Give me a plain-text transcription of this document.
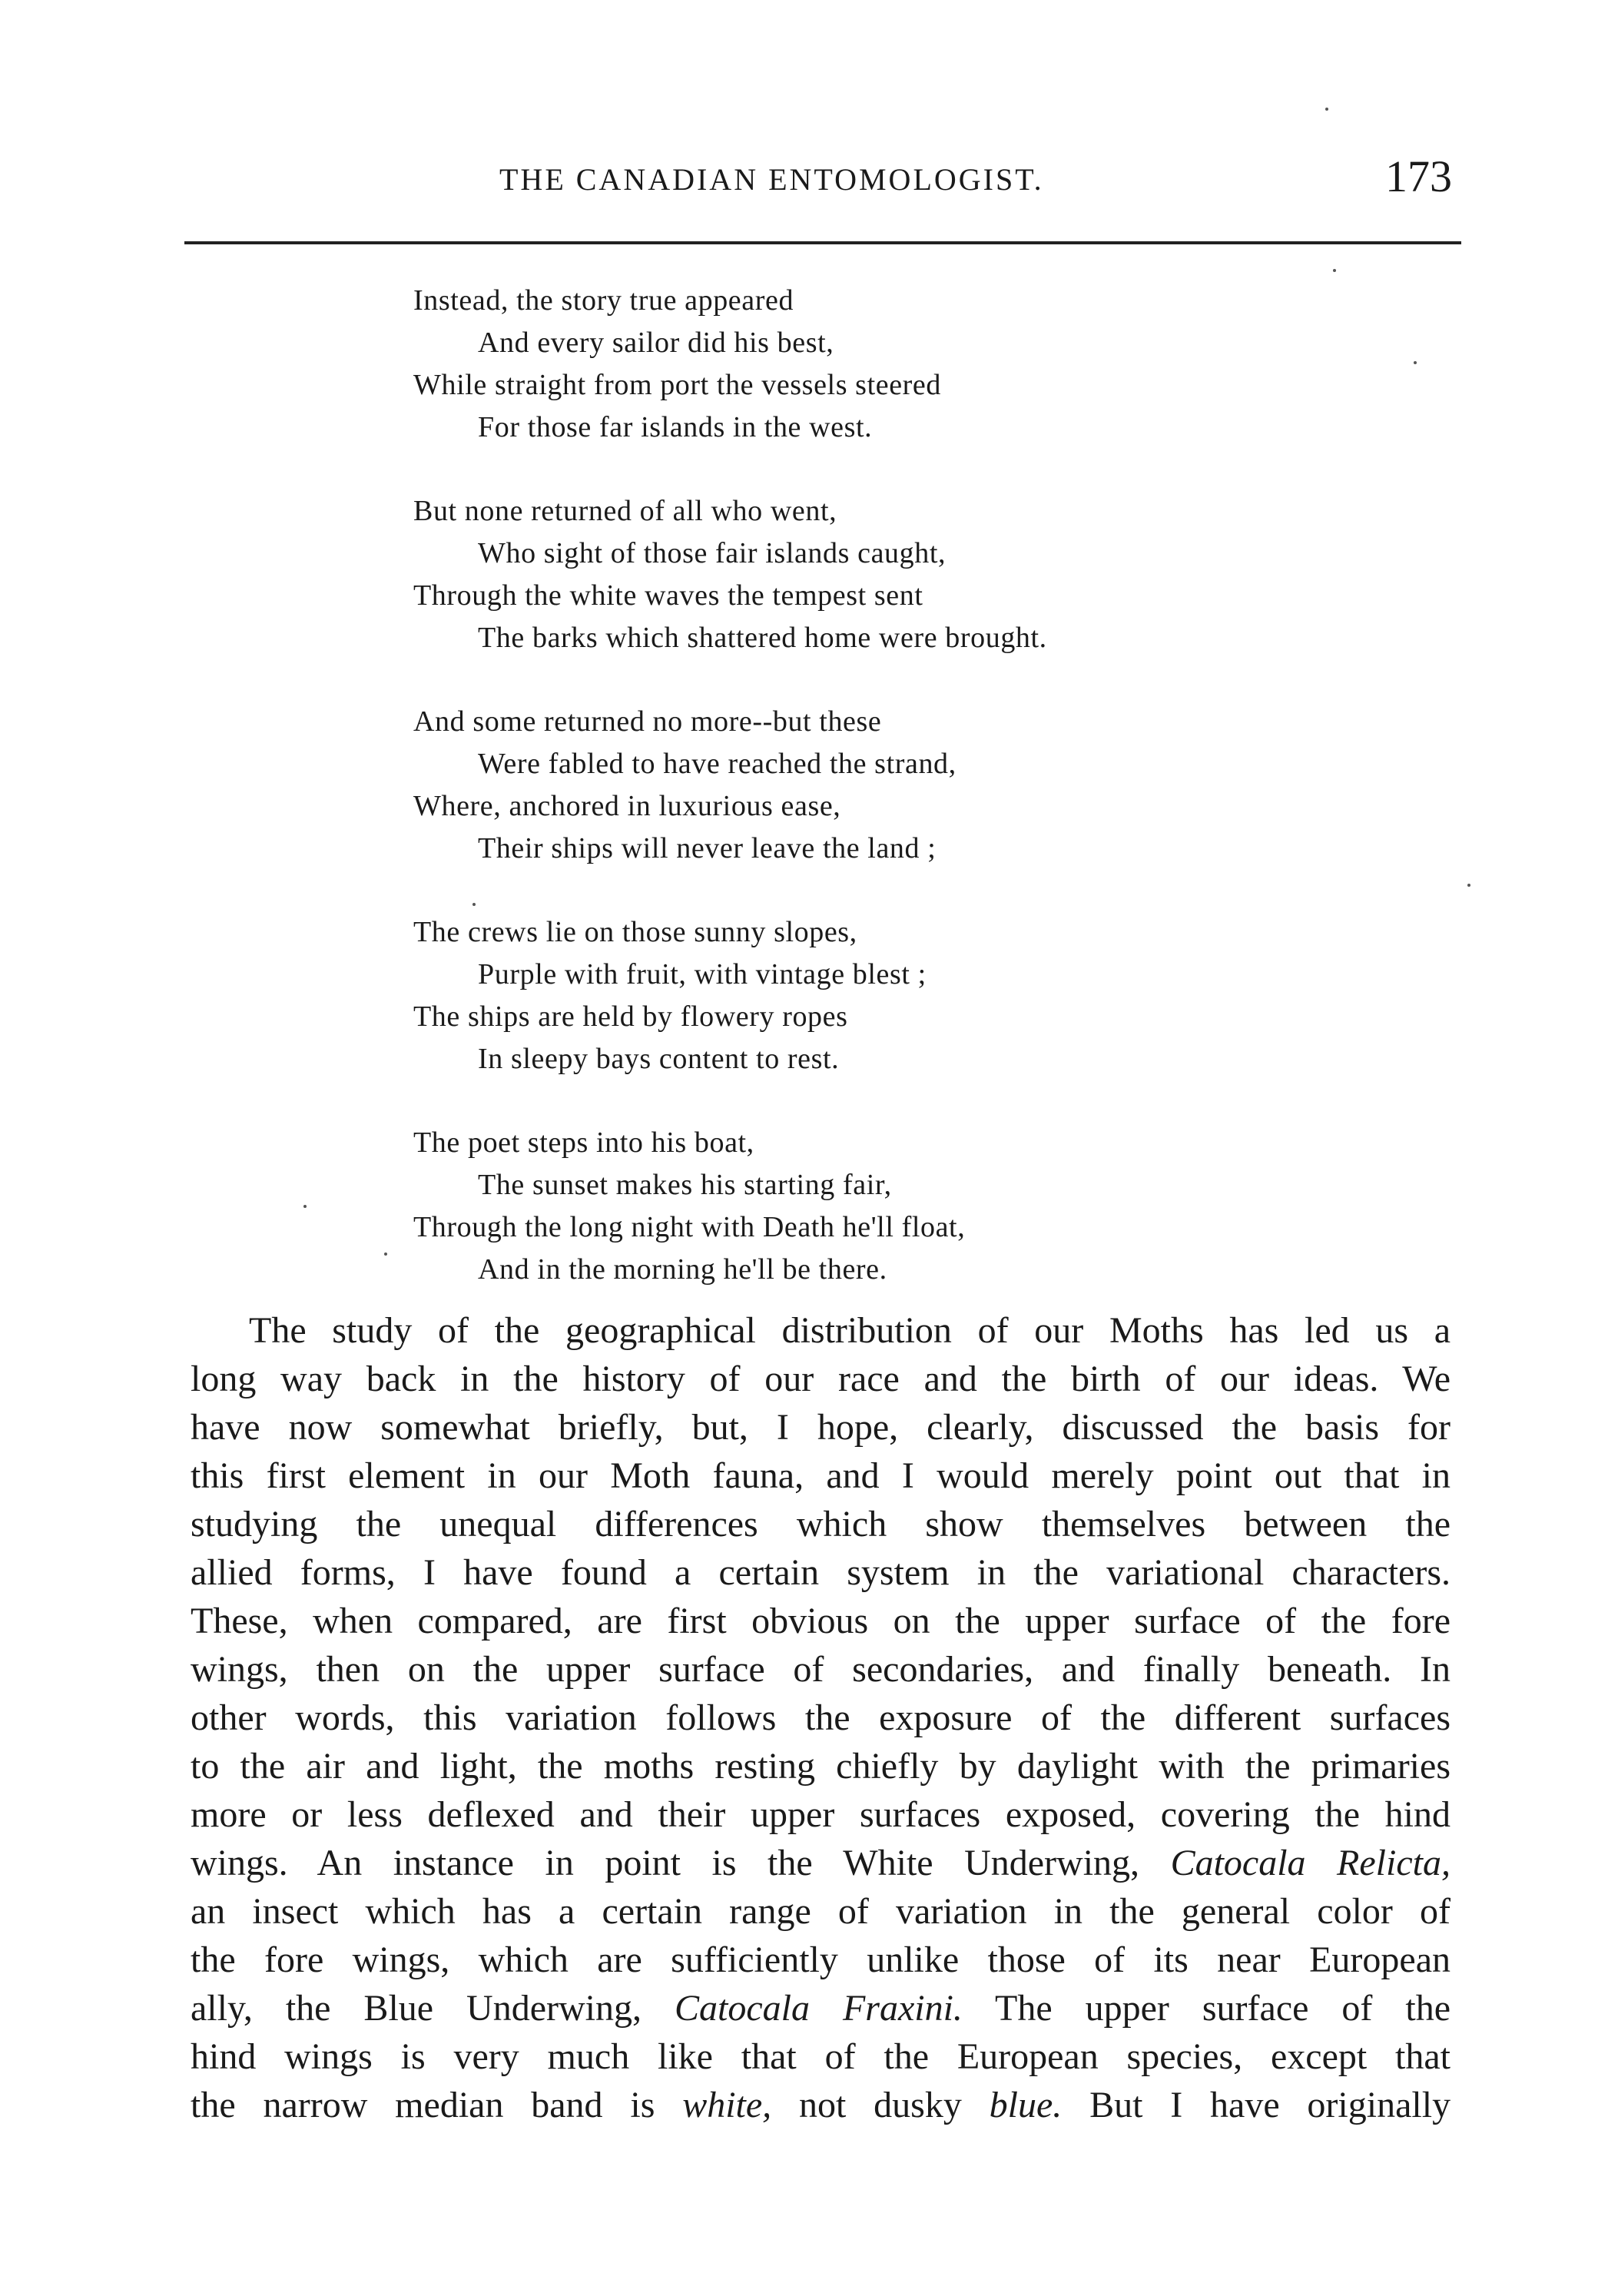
THE CANADIAN ENTOMOLOGIST.	173
Instead, the story true appeared
And every sailor did his best,
While straight from port the vessels steered
For those far islands in the west.
But none returned of all who went,
Who sight of those fair islands caught,
Through the white waves the tempest sent
The barks which shattered home were brought.
And some returned no more--but these
Were fabled to have reached the strand,
Where, anchored in luxurious ease,
Their ships will never leave the land ;
The crews lie on those sunny slopes,
Purple with fruit, with vintage blest ;
The ships are held by flowery ropes
In sleepy bays content to rest.
The poet steps into his boat,
The sunset makes his starting fair,
Through the long night with Death he'll float,
And in the morning he'll be there.
The study of the geographical distribution of our Moths has led us a
long way back in the history of our race and the birth of our ideas. We
have now somewhat briefly, but, I hope, clearly, discussed the basis for
this first element in our Moth fauna, and I would merely point out that in
studying the unequal differences which show themselves between the
allied forms, I have found a certain system in the variational characters.
These, when compared, are first obvious on the upper surface of the fore
wings, then on the upper surface of secondaries, and finally beneath. In
other words, this variation follows the exposure of the different surfaces
to the air and light, the moths resting chiefly by daylight with the primaries
more or less deflexed and their upper surfaces exposed, covering the hind
wings. An instance in point is the White Underwing, Catocala Relicta,
an insect which has a certain range of variation in the general color of
the fore wings, which are sufficiently unlike those of its near European
ally, the Blue Underwing, Catocala Fraxini. The upper surface of the
hind wings is very much like that of the European species, except that
the narrow median band is white, not dusky blue. But I have originally
